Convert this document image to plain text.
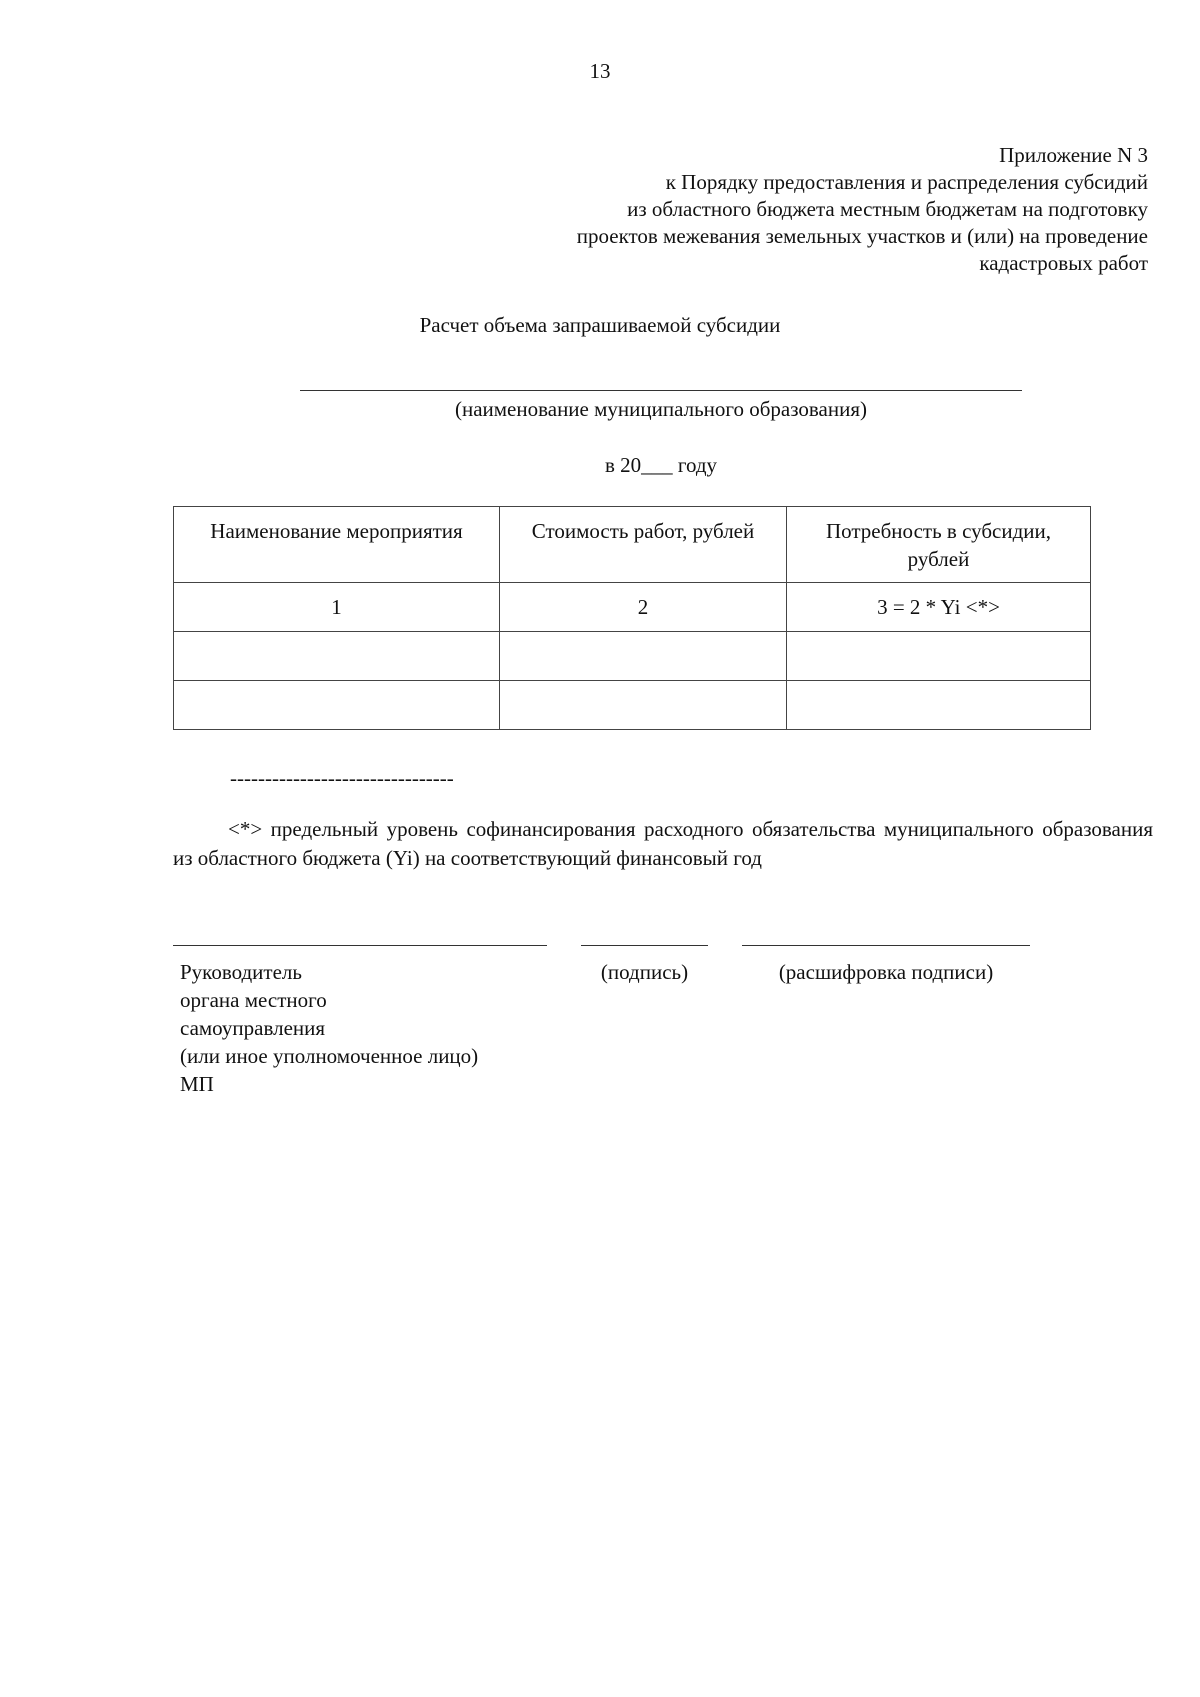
13
Приложение N 3
к Порядку предоставления и распределения субсидий
из областного бюджета местным бюджетам на подготовку
проектов межевания земельных участков и (или) на проведение
кадастровых работ
Расчет объема запрашиваемой субсидии
(наименование муниципального образования)
в 20___ году
Наименование мероприятия	Стоимость работ, рублей	Потребность в субсидии, рублей
1	2	3 = 2 * Yi <*>

--------------------------------
<*> предельный уровень софинансирования расходного обязательства муниципального образования из областного бюджета (Yi) на соответствующий финансовый год
Руководитель
органа местного
самоуправления
(или иное уполномоченное лицо)
МП
(подпись)	(расшифровка подписи)
